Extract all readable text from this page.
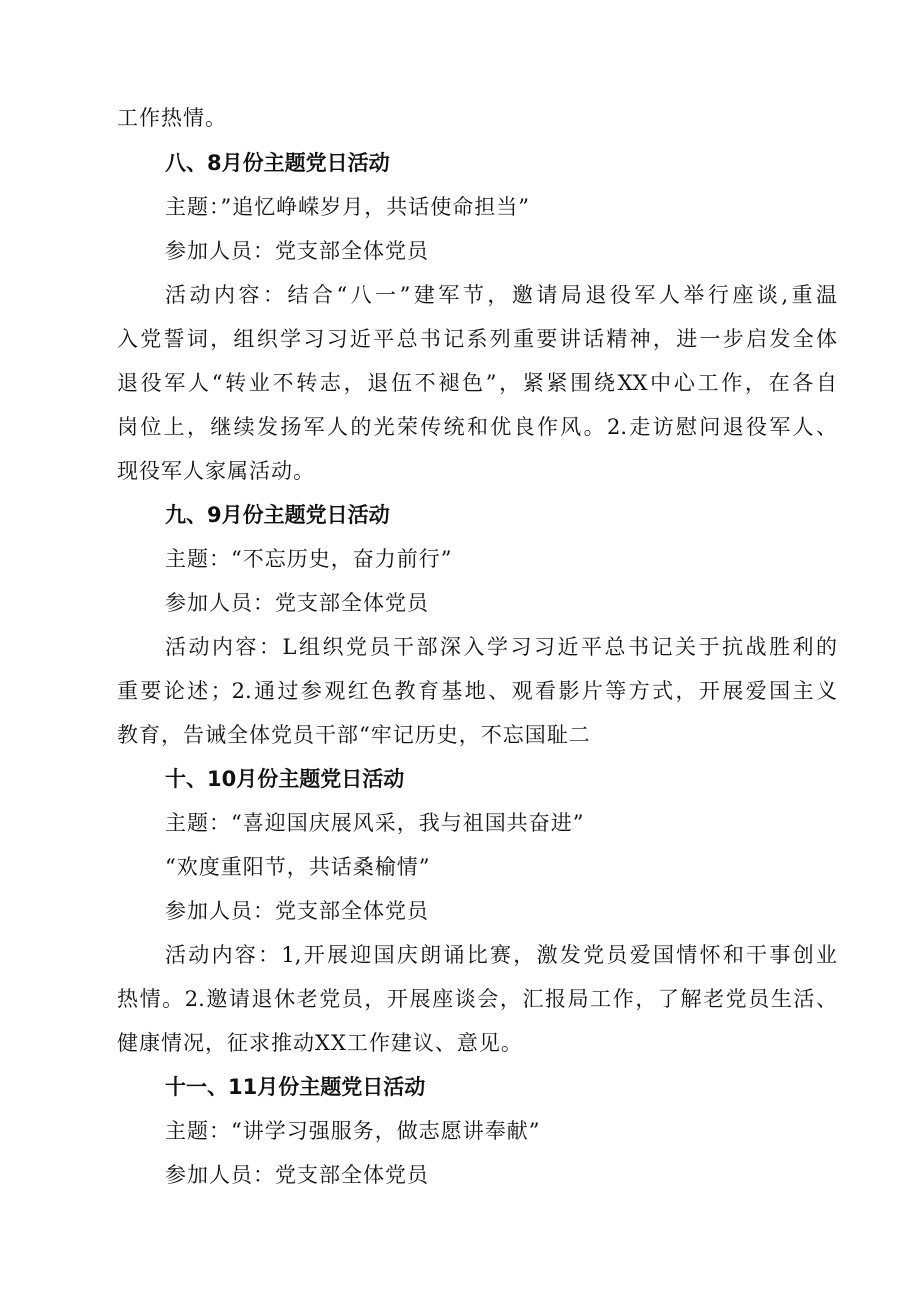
工作热情。
八、8月份主题党日活动
主题：”追忆峥嵘岁月，共话使命担当”
参加人员：党支部全体党员
活动内容：结合“八一”建军节，邀请局退役军人举行座谈,重温
入党誓词，组织学习习近平总书记系列重要讲话精神，进一步启发全体
退役军人“转业不转志，退伍不褪色”，紧紧围绕XX中心工作，在各自
岗位上，继续发扬军人的光荣传统和优良作风。2.走访慰问退役军人、
现役军人家属活动。
九、9月份主题党日活动
主题：“不忘历史，奋力前行”
参加人员：党支部全体党员
活动内容：L组织党员干部深入学习习近平总书记关于抗战胜利的
重要论述；2.通过参观红色教育基地、观看影片等方式，开展爱国主义
教育，告诫全体党员干部“牢记历史，不忘国耻二
十、10月份主题党日活动
主题：“喜迎国庆展风采，我与祖国共奋进”
“欢度重阳节，共话桑榆情”
参加人员：党支部全体党员
活动内容：1,开展迎国庆朗诵比赛，激发党员爱国情怀和干事创业
热情。2.邀请退休老党员，开展座谈会，汇报局工作，了解老党员生活、
健康情况，征求推动XX工作建议、意见。
十一、11月份主题党日活动
主题：“讲学习强服务，做志愿讲奉献”
参加人员：党支部全体党员
